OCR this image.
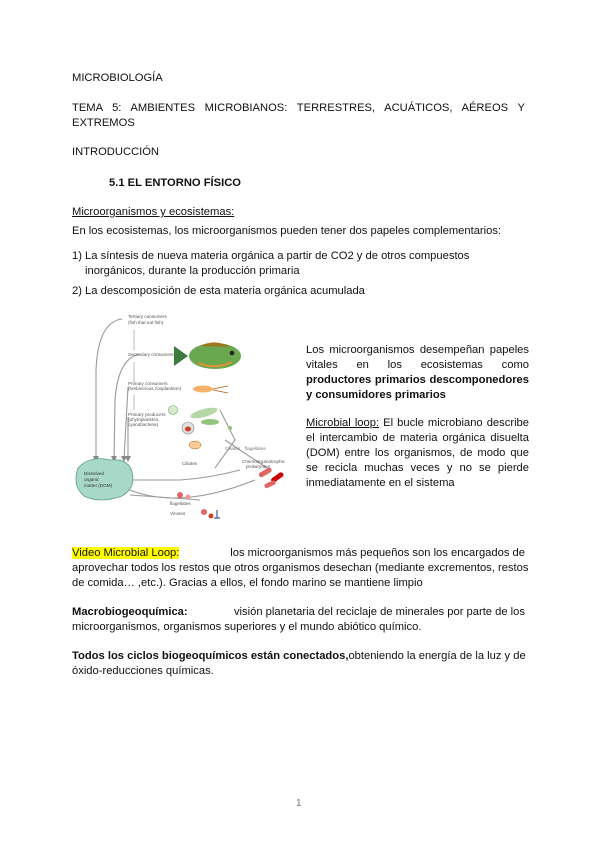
MICROBIOLOGÍA
TEMA 5: AMBIENTES MICROBIANOS: TERRESTRES, ACUÁTICOS, AÉREOS Y EXTREMOS
INTRODUCCIÓN
5.1 EL ENTORNO FÍSICO
Microorganismos y ecosistemas:
En los ecosistemas, los microorganismos pueden tener dos papeles complementarios:
1) La síntesis de nueva materia orgánica a partir de CO2 y de otros compuestos
inorgánicos, durante la producción primaria
2) La descomposición de esta materia orgánica acumulada
Tertiary consumers
(fish that eat fish)
Secondary consumers
Primary consumers
(herbivorous zooplankton)
Primary producers
(phytoplankton,
cyanobacteria)
Dissolved
organic
matter (DOM)
Ciliates
flagellates
Chemoorganotrophic
prokaryotes
Viruses
Ciliates flagellates
Los microorganismos desempeñan papeles vitales en los ecosistemas como productores primarios descomponedores y consumidores primarios
Microbial loop: El bucle microbiano describe el intercambio de materia orgánica disuelta (DOM) entre los organismos, de modo que se recicla muchas veces y no se pierde inmediatamente en el sistema
Video Microbial Loop:	los microorganismos más pequeños son los encargados de
aprovechar todos los restos que otros organismos desechan (mediante excrementos, restos
de comida… ,etc.). Gracias a ellos, el fondo marino se mantiene limpio
Macrobiogeoquímica:	visión planetaria del reciclaje de minerales por parte de los
microorganismos, organismos superiores y el mundo abiótico químico.
Todos los ciclos biogeoquímicos están conectados, obteniendo la energía de la luz y de
óxido-reducciones químicas.
1
